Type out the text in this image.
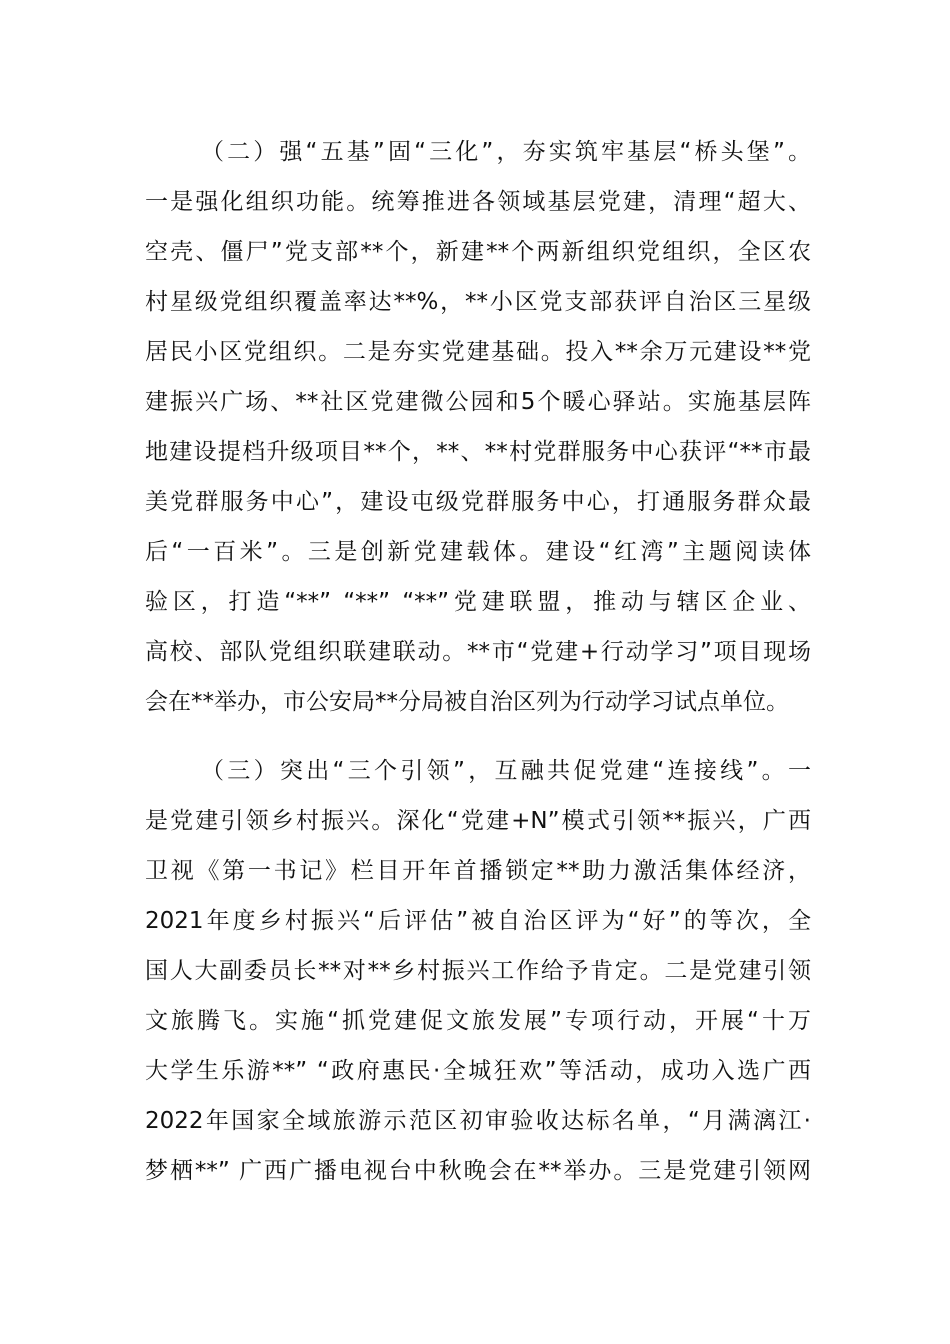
（二）强“五基”固“三化”，夯实筑牢基层“桥头堡”。
一是强化组织功能。统筹推进各领域基层党建，清理“超大、
空壳、僵尸”党支部**个，新建**个两新组织党组织，全区农
村星级党组织覆盖率达**%，**小区党支部获评自治区三星级
居民小区党组织。二是夯实党建基础。投入**余万元建设**党
建振兴广场、**社区党建微公园和5个暖心驿站。实施基层阵
地建设提档升级项目**个，**、**村党群服务中心获评“**市最
美党群服务中心”，建设屯级党群服务中心，打通服务群众最
后“一百米”。三是创新党建载体。建设“红湾”主题阅读体
验区，打造“**” “**” “**”党建联盟，推动与辖区企业、
高校、部队党组织联建联动。**市“党建+行动学习”项目现场
会在**举办，市公安局**分局被自治区列为行动学习试点单位。
（三）突出“三个引领”，互融共促党建“连接线”。一
是党建引领乡村振兴。深化“党建+N”模式引领**振兴，广西
卫视《第一书记》栏目开年首播锁定**助力激活集体经济，
2021年度乡村振兴“后评估”被自治区评为“好”的等次，全
国人大副委员长**对**乡村振兴工作给予肯定。二是党建引领
文旅腾飞。实施“抓党建促文旅发展”专项行动，开展“十万
大学生乐游**” “政府惠民·全城狂欢”等活动，成功入选广西
2022年国家全域旅游示范区初审验收达标名单，“月满漓江·
梦栖**” 广西广播电视台中秋晚会在**举办。三是党建引领网
